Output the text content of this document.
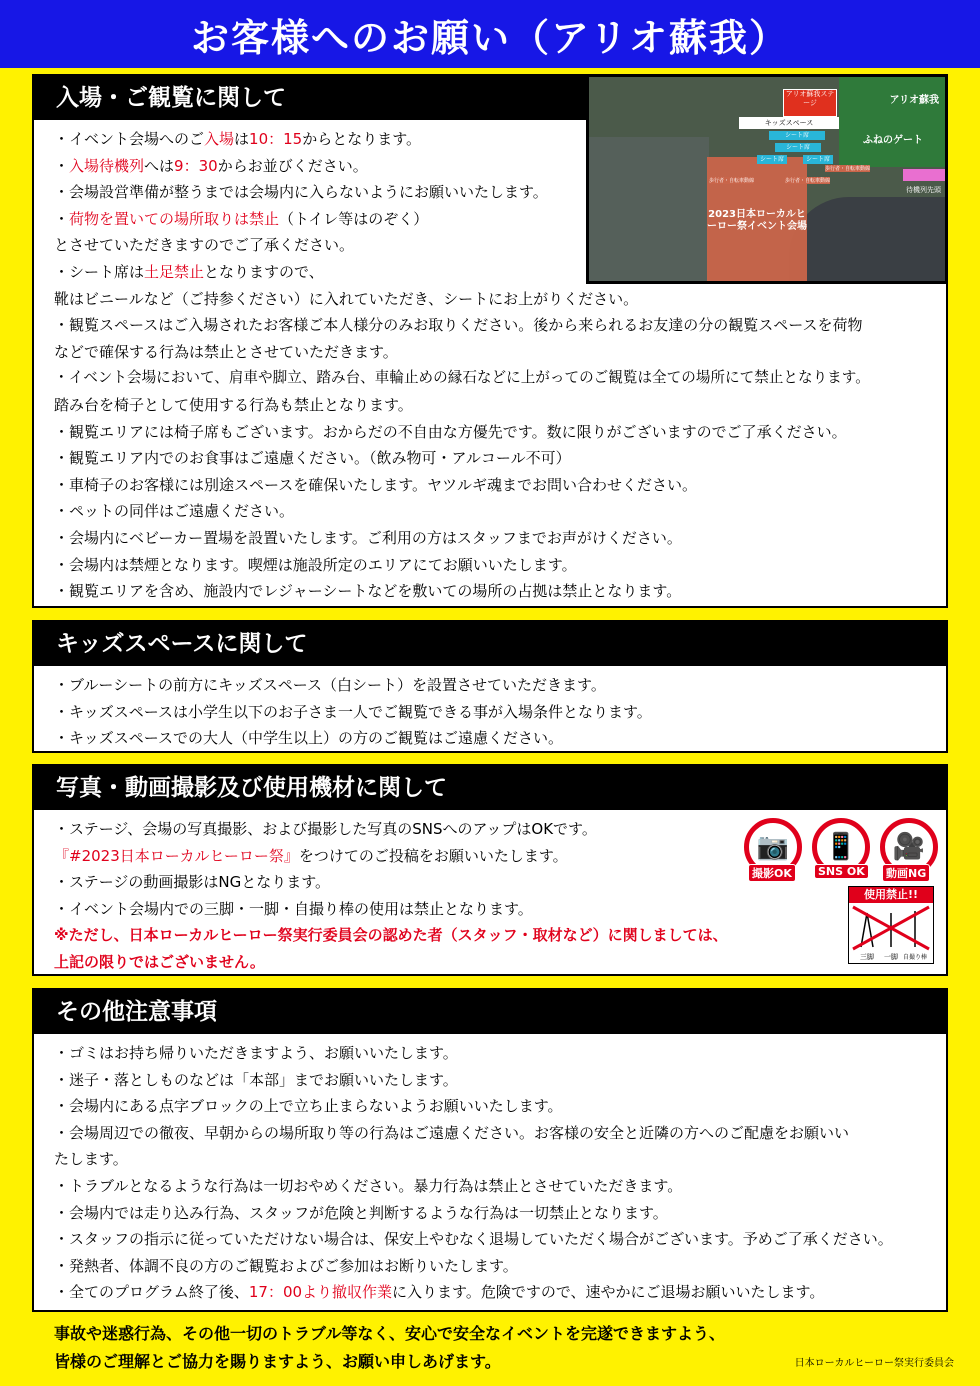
お客様へのお願い（アリオ蘇我）
入場・ご観覧に関して
・イベント会場へのご入場は10：15からとなります。
・入場待機列へは9：30からお並びください。
・会場設営準備が整うまでは会場内に入らないようにお願いいたします。
・荷物を置いての場所取りは禁止（トイレ等はのぞく）
とさせていただきますのでご了承ください。
・シート席は土足禁止となりますので、
靴はビニールなど（ご持参ください）に入れていただき、シートにお上がりください。
・観覧スペースはご入場されたお客様ご本人様分のみお取りください。後から来られるお友達の分の観覧スペースを荷物
などで確保する行為は禁止とさせていただきます。
・イベント会場において、肩車や脚立、踏み台、車輪止めの縁石などに上がってのご観覧は全ての場所にて禁止となります。
踏み台を椅子として使用する行為も禁止となります。
・観覧エリアには椅子席もございます。おからだの不自由な方優先です。数に限りがございますのでご了承ください。
・観覧エリア内でのお食事はご遠慮ください。（飲み物可・アルコール不可）
・車椅子のお客様には別途スペースを確保いたします。ヤツルギ魂までお問い合わせください。
・ペットの同伴はご遠慮ください。
・会場内にベビーカー置場を設置いたします。ご利用の方はスタッフまでお声がけください。
・会場内は禁煙となります。喫煙は施設所定のエリアにてお願いいたします。
・観覧エリアを含め、施設内でレジャーシートなどを敷いての場所の占拠は禁止となります。
アリオ蘇我ステージ
キッズスペース
シート席
シート席
シート席	シート席
歩行者・自転車動線	歩行者・自転車動線
歩行者・自転車動線
2023日本ローカルヒーロー祭イベント会場
アリオ蘇我
ふねのゲート
待機列先頭
キッズスペースに関して
・ブルーシートの前方にキッズスペース（白シート）を設置させていただきます。
・キッズスペースは小学生以下のお子さま一人でご観覧できる事が入場条件となります。
・キッズスペースでの大人（中学生以上）の方のご観覧はご遠慮ください。
写真・動画撮影及び使用機材に関して
・ステージ、会場の写真撮影、および撮影した写真のSNSへのアップはOKです。
『#2023日本ローカルヒーロー祭』をつけてのご投稿をお願いいたします。
・ステージの動画撮影はNGとなります。
・イベント会場内での三脚・一脚・自撮り棒の使用は禁止となります。
※ただし、日本ローカルヒーロー祭実行委員会の認めた者（スタッフ・取材など）に関しましては、
上記の限りではございません。
📷
撮影OK
📱
SNS OK
🎥
動画NG
使用禁止!!
三脚 一脚 自撮り棒
その他注意事項
・ゴミはお持ち帰りいただきますよう、お願いいたします。
・迷子・落としものなどは「本部」までお願いいたします。
・会場内にある点字ブロックの上で立ち止まらないようお願いいたします。
・会場周辺での徹夜、早朝からの場所取り等の行為はご遠慮ください。お客様の安全と近隣の方へのご配慮をお願いい
たします。
・トラブルとなるような行為は一切おやめください。暴力行為は禁止とさせていただきます。
・会場内では走り込み行為、スタッフが危険と判断するような行為は一切禁止となります。
・スタッフの指示に従っていただけない場合は、保安上やむなく退場していただく場合がございます。予めご了承ください。
・発熱者、体調不良の方のご観覧およびご参加はお断りいたします。
・全てのプログラム終了後、17：00より撤収作業に入ります。危険ですので、速やかにご退場お願いいたします。
事故や迷惑行為、その他一切のトラブル等なく、安心で安全なイベントを完遂できますよう、
皆様のご理解とご協力を賜りますよう、お願い申しあげます。	日本ローカルヒーロー祭実行委員会
